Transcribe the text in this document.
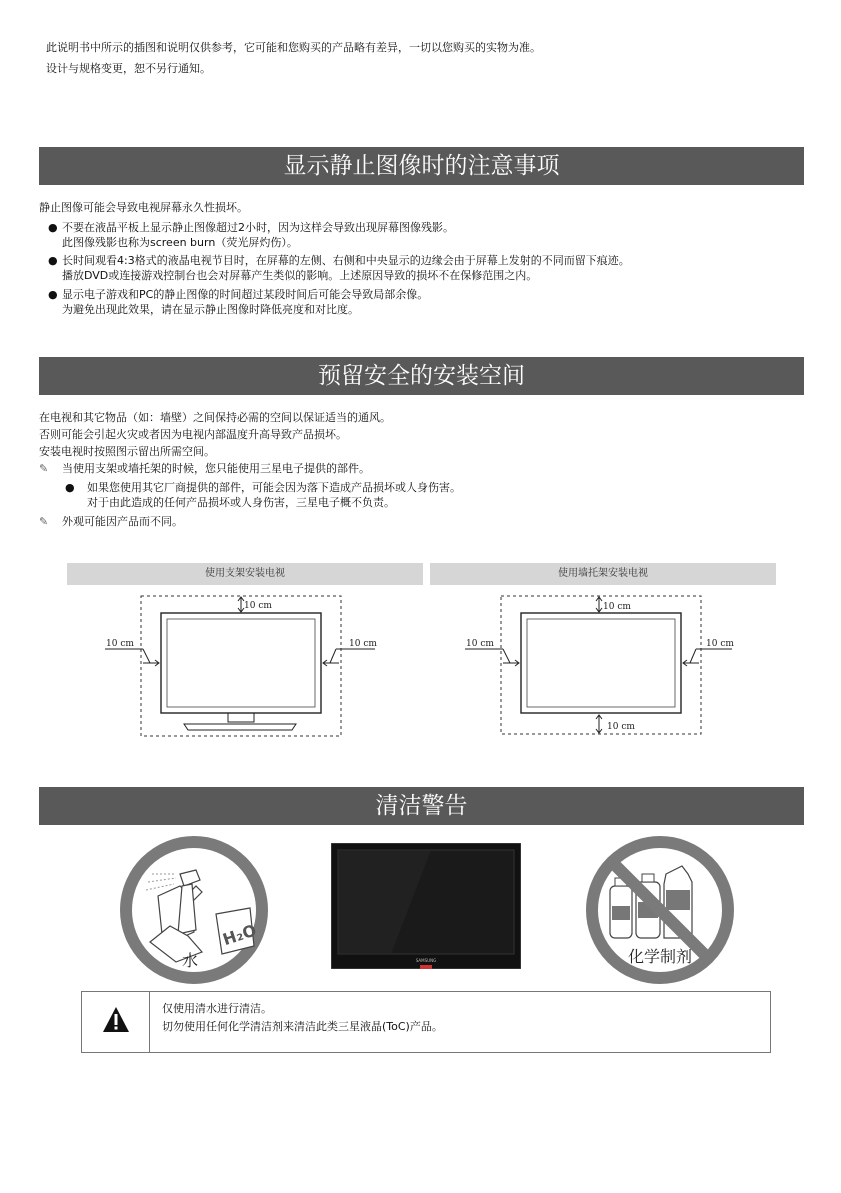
此说明书中所示的插图和说明仅供参考，它可能和您购买的产品略有差异，一切以您购买的实物为准。
设计与规格变更，恕不另行通知。
显示静止图像时的注意事项
静止图像可能会导致电视屏幕永久性损坏。
● 不要在液晶平板上显示静止图像超过2小时，因为这样会导致出现屏幕图像残影。
此图像残影也称为screen burn（荧光屏灼伤）。
● 长时间观看4:3格式的液晶电视节目时，在屏幕的左侧、右侧和中央显示的边缘会由于屏幕上发射的不同而留下痕迹。
播放DVD或连接游戏控制台也会对屏幕产生类似的影响。上述原因导致的损坏不在保修范围之内。
● 显示电子游戏和PC的静止图像的时间超过某段时间后可能会导致局部余像。
为避免出现此效果，请在显示静止图像时降低亮度和对比度。
预留安全的安装空间
在电视和其它物品（如：墙壁）之间保持必需的空间以保证适当的通风。
否则可能会引起火灾或者因为电视内部温度升高导致产品损坏。
安装电视时按照图示留出所需空间。
✎ 当使用支架或墙托架的时候，您只能使用三星电子提供的部件。
● 如果您使用其它厂商提供的部件，可能会因为落下造成产品损坏或人身伤害。
对于由此造成的任何产品损坏或人身伤害，三星电子概不负责。
✎ 外观可能因产品而不同。
使用支架安装电视	使用墙托架安装电视
10 cm
10 cm	10 cm
10 cm
10 cm
10 cm	10 cm
清洁警告
H₂O
水	SAMSUNG	化学制剂
仅使用清水进行清洁。
切勿使用任何化学清洁剂来清洁此类三星液晶(ToC)产品。
